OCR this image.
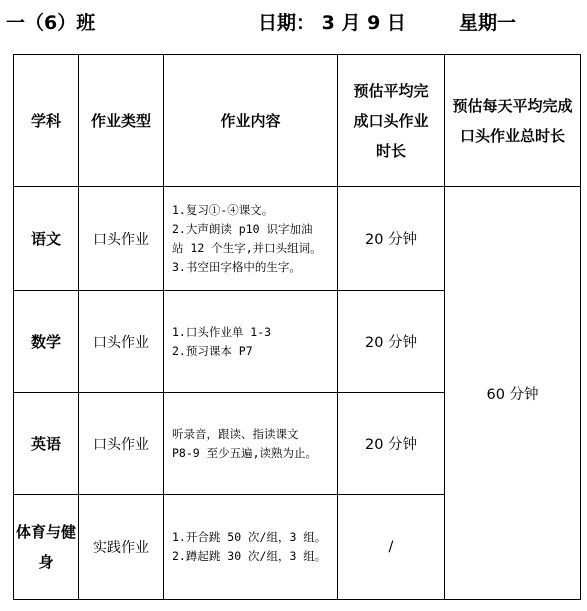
一（6）班	日期： 3 月 9 日	星期一
学科	作业类型	作业内容	预估平均完成口头作业时长	预估每天平均完成口头作业总时长
语文	口头作业	1.复习①-④课文。
2.大声朗读 p10 识字加油
站 12 个生字,并口头组词。
3.书空田字格中的生字。	20 分钟	60 分钟
数学	口头作业	1.口头作业单 1-3
2.预习课本 P7	20 分钟	
英语	口头作业	听录音，跟读、指读课文
P8-9 至少五遍,读熟为止。	20 分钟	
体育与健身	实践作业	1.开合跳 50 次/组，3 组。
2.蹲起跳 30 次/组，3 组。	/	
